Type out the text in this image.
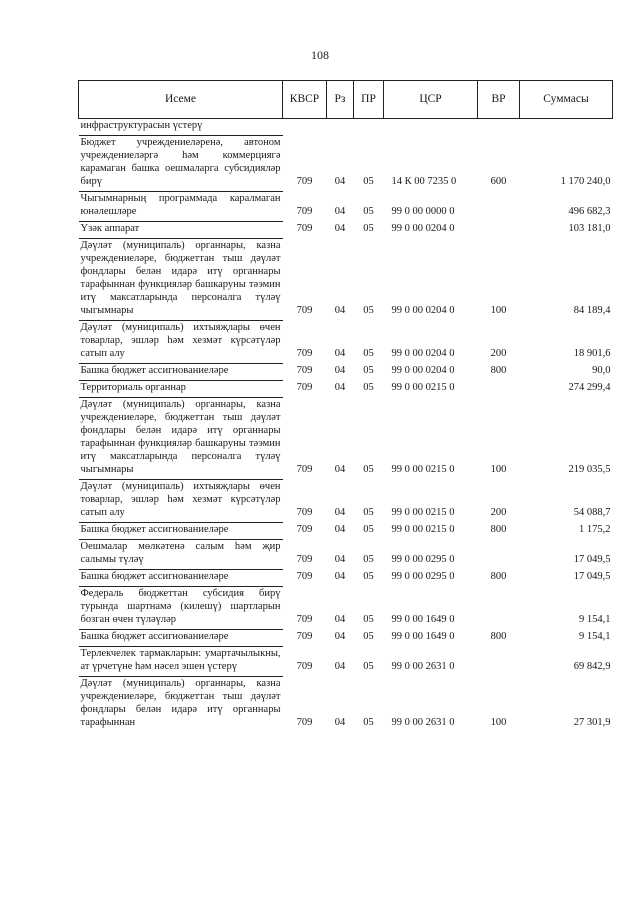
108
Исеме	КВСР	Рз	ПР	ЦСР	ВР	Суммасы
инфраструктурасын үстерү						

Бюджет учреждениеләренә, автоном учреждениеләргә һәм коммерциягә карамаган башка оешмаларга субсидияләр бирү	709	04	05	14 К 00 7235 0	600	1 170 240,0

Чыгымнарның программада каралмаган юнәлешләре	709	04	05	99 0 00 0000 0		496 682,3

Үзәк аппарат	709	04	05	99 0 00 0204 0		103 181,0

Дәүләт (муниципаль) органнары, казна учреждениеләре, бюджеттан тыш дәүләт фондлары белән идарә итү органнары тарафыннан функцияләр башкаруны тәэмин итү максатларында персоналга түләү чыгымнары	709	04	05	99 0 00 0204 0	100	84 189,4

Дәүләт (муниципаль) ихтыяҗлары өчен товарлар, эшләр һәм хезмәт күрсәтүләр сатып алу	709	04	05	99 0 00 0204 0	200	18 901,6

Башка бюджет ассигнованиеләре	709	04	05	99 0 00 0204 0	800	90,0

Территориаль органнар	709	04	05	99 0 00 0215 0		274 299,4

Дәүләт (муниципаль) органнары, казна учреждениеләре, бюджеттан тыш дәүләт фондлары белән идарә итү органнары тарафыннан функцияләр башкаруны тәэмин итү максатларында персоналга түләү чыгымнары	709	04	05	99 0 00 0215 0	100	219 035,5

Дәүләт (муниципаль) ихтыяҗлары өчен товарлар, эшләр һәм хезмәт күрсәтүләр сатып алу	709	04	05	99 0 00 0215 0	200	54 088,7

Башка бюджет ассигнованиеләре	709	04	05	99 0 00 0215 0	800	1 175,2

Оешмалар мөлкәтенә салым һәм җир салымы түләү	709	04	05	99 0 00 0295 0		17 049,5

Башка бюджет ассигнованиеләре	709	04	05	99 0 00 0295 0	800	17 049,5

Федераль бюджеттан субсидия бирү турында шартнамә (килешү) шартларын бозган өчен түләүләр	709	04	05	99 0 00 1649 0		9 154,1

Башка бюджет ассигнованиеләре	709	04	05	99 0 00 1649 0	800	9 154,1

Терлекчелек тармакларын: умартачылыкны, ат үрчетүне һәм нәсел эшен үстерү	709	04	05	99 0 00 2631 0		69 842,9

Дәүләт (муниципаль) органнары, казна учреждениеләре, бюджеттан тыш дәүләт фондлары белән идарә итү органнары тарафыннан	709	04	05	99 0 00 2631 0	100	27 301,9
